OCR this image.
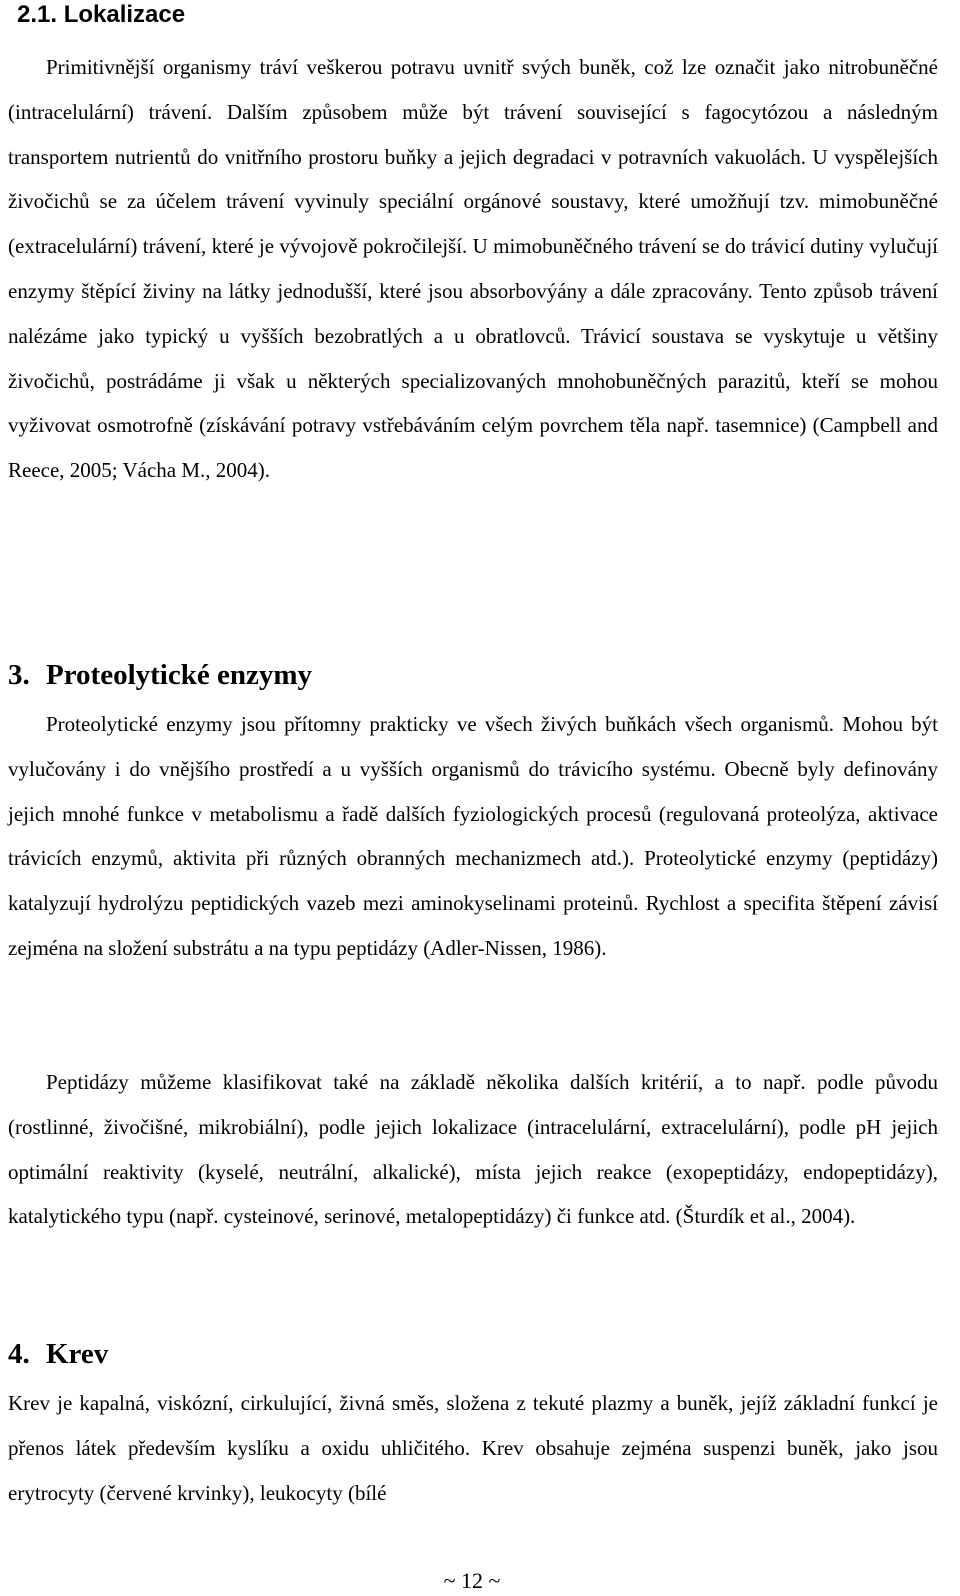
2.1. Lokalizace

Primitivnější organismy tráví veškerou potravu uvnitř svých buněk, což lze označit jako nitrobuněčné (intracelulární) trávení. Dalším způsobem může být trávení související s fagocytózou a následným transportem nutrientů do vnitřního prostoru buňky a jejich degradaci v potravních vakuolách. U vyspělejších živočichů se za účelem trávení vyvinuly speciální orgánové soustavy, které umožňují tzv. mimobuněčné (extracelulární) trávení, které je vývojově pokročilejší. U mimobuněčného trávení se do trávicí dutiny vylučují enzymy štěpící živiny na látky jednodušší, které jsou absorbovýány a dále zpracovány. Tento způsob trávení nalézáme jako typický u vyšších bezobratlých a u obratlovců. Trávicí soustava se vyskytuje u většiny živočichů, postrádáme ji však u některých specializovaných mnohobuněčných parazitů, kteří se mohou vyživovat osmotrofně (získávání potravy vstřebáváním celým povrchem těla např. tasemnice) (Campbell and Reece, 2005; Vácha M., 2004).

3. Proteolytické enzymy

Proteolytické enzymy jsou přítomny prakticky ve všech živých buňkách všech organismů. Mohou být vylučovány i do vnějšího prostředí a u vyšších organismů do trávicího systému. Obecně byly definovány jejich mnohé funkce v metabolismu a řadě dalších fyziologických procesů (regulovaná proteolýza, aktivace trávicích enzymů, aktivita při různých obranných mechanizmech atd.). Proteolytické enzymy (peptidázy) katalyzují hydrolýzu peptidických vazeb mezi aminokyselinami proteinů. Rychlost a specifita štěpení závisí zejména na složení substrátu a na typu peptidázy (Adler-Nissen, 1986).

Peptidázy můžeme klasifikovat také na základě několika dalších kritérií, a to např. podle původu (rostlinné, živočišné, mikrobiální), podle jejich lokalizace (intracelulární, extracelulární), podle pH jejich optimální reaktivity (kyselé, neutrální, alkalické), místa jejich reakce (exopeptidázy, endopeptidázy), katalytického typu (např. cysteinové, serinové, metalopeptidázy) či funkce atd. (Šturdík et al., 2004).

4. Krev

Krev je kapalná, viskózní, cirkulující, živná směs, složena z tekuté plazmy a buněk, jejíž základní funkcí je přenos látek především kyslíku a oxidu uhličitého. Krev obsahuje zejména suspenzi buněk, jako jsou erytrocyty (červené krvinky), leukocyty (bílé

~ 12 ~
